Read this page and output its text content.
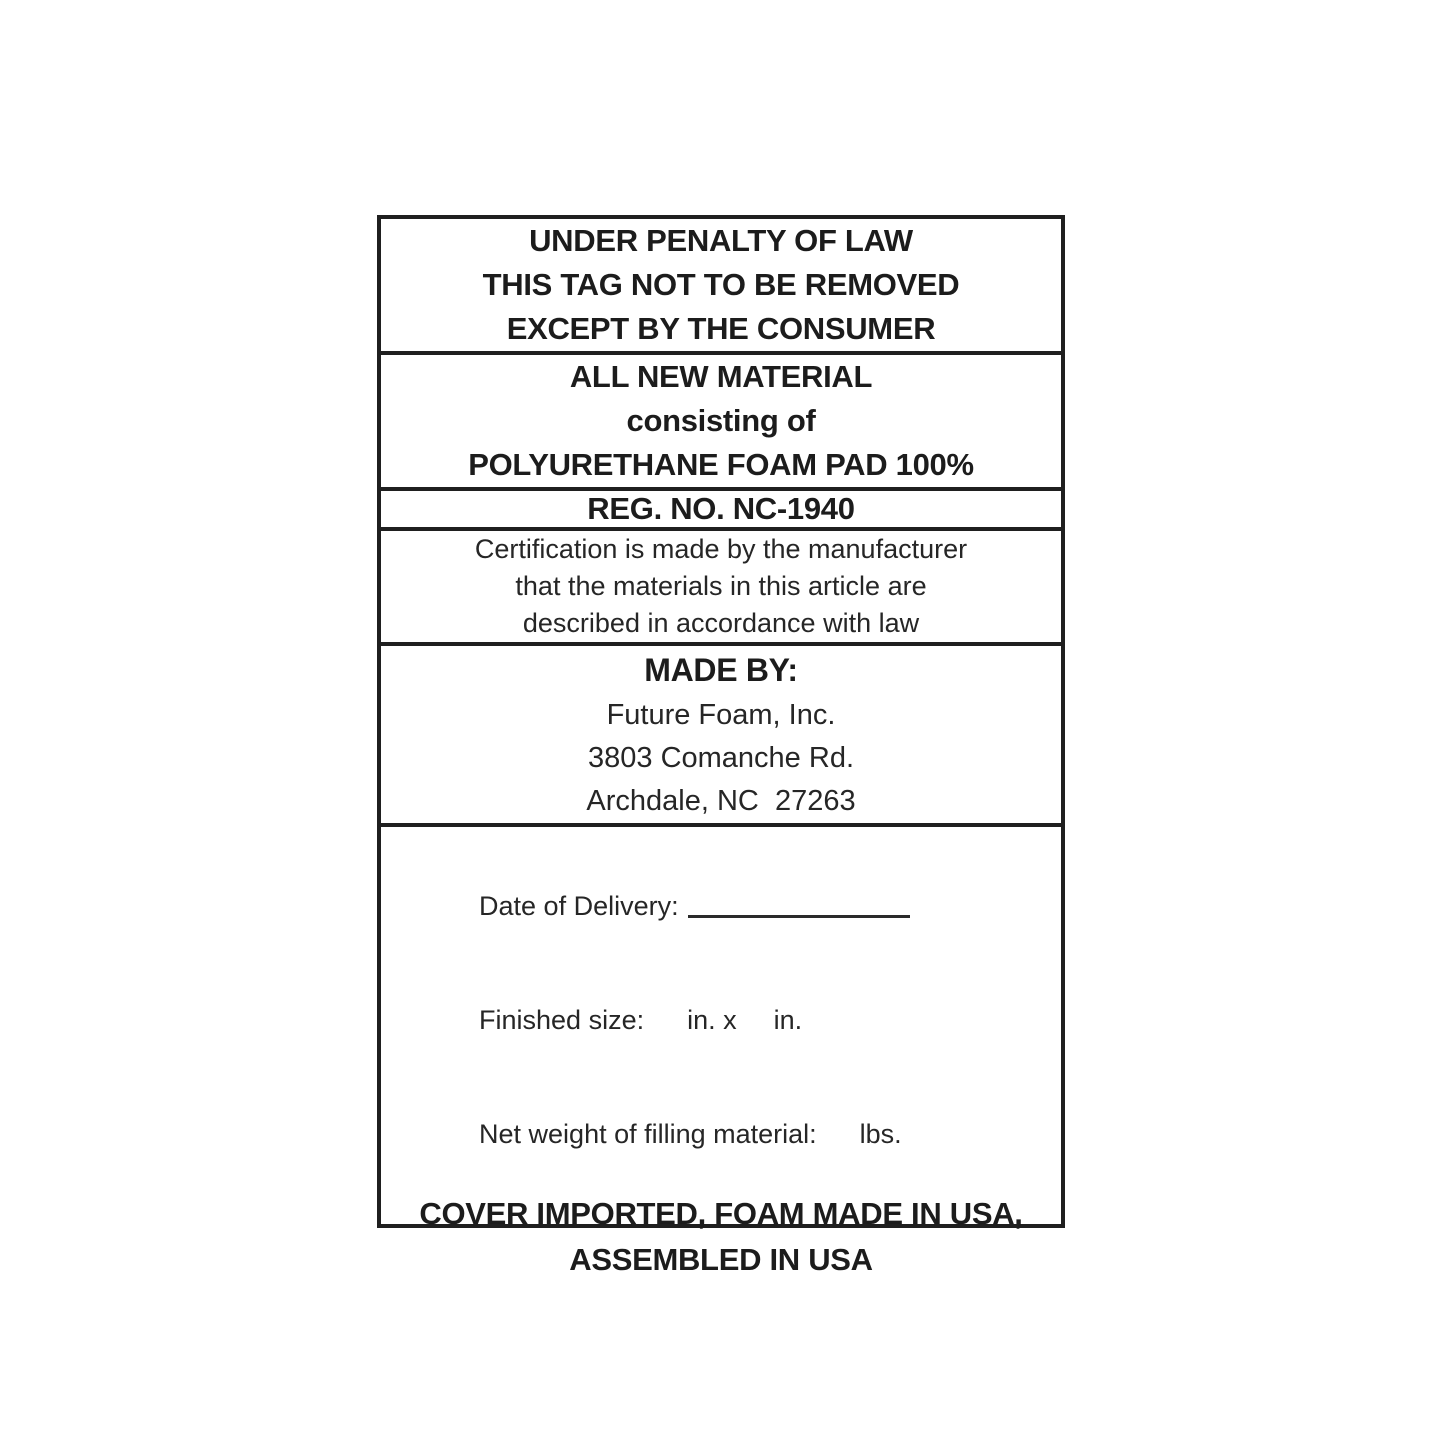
UNDER PENALTY OF LAW
THIS TAG NOT TO BE REMOVED
EXCEPT BY THE CONSUMER
ALL NEW MATERIAL
consisting of
POLYURETHANE FOAM PAD 100%
REG. NO. NC-1940
Certification is made by the manufacturer
that the materials in this article are
described in accordance with law
MADE BY:
Future Foam, Inc.
3803 Comanche Rd.
Archdale, NC  27263

Date of Delivery:

Finished size: in. x in.

Net weight of filling material: lbs.

COVER IMPORTED, FOAM MADE IN USA,
ASSEMBLED IN USA
